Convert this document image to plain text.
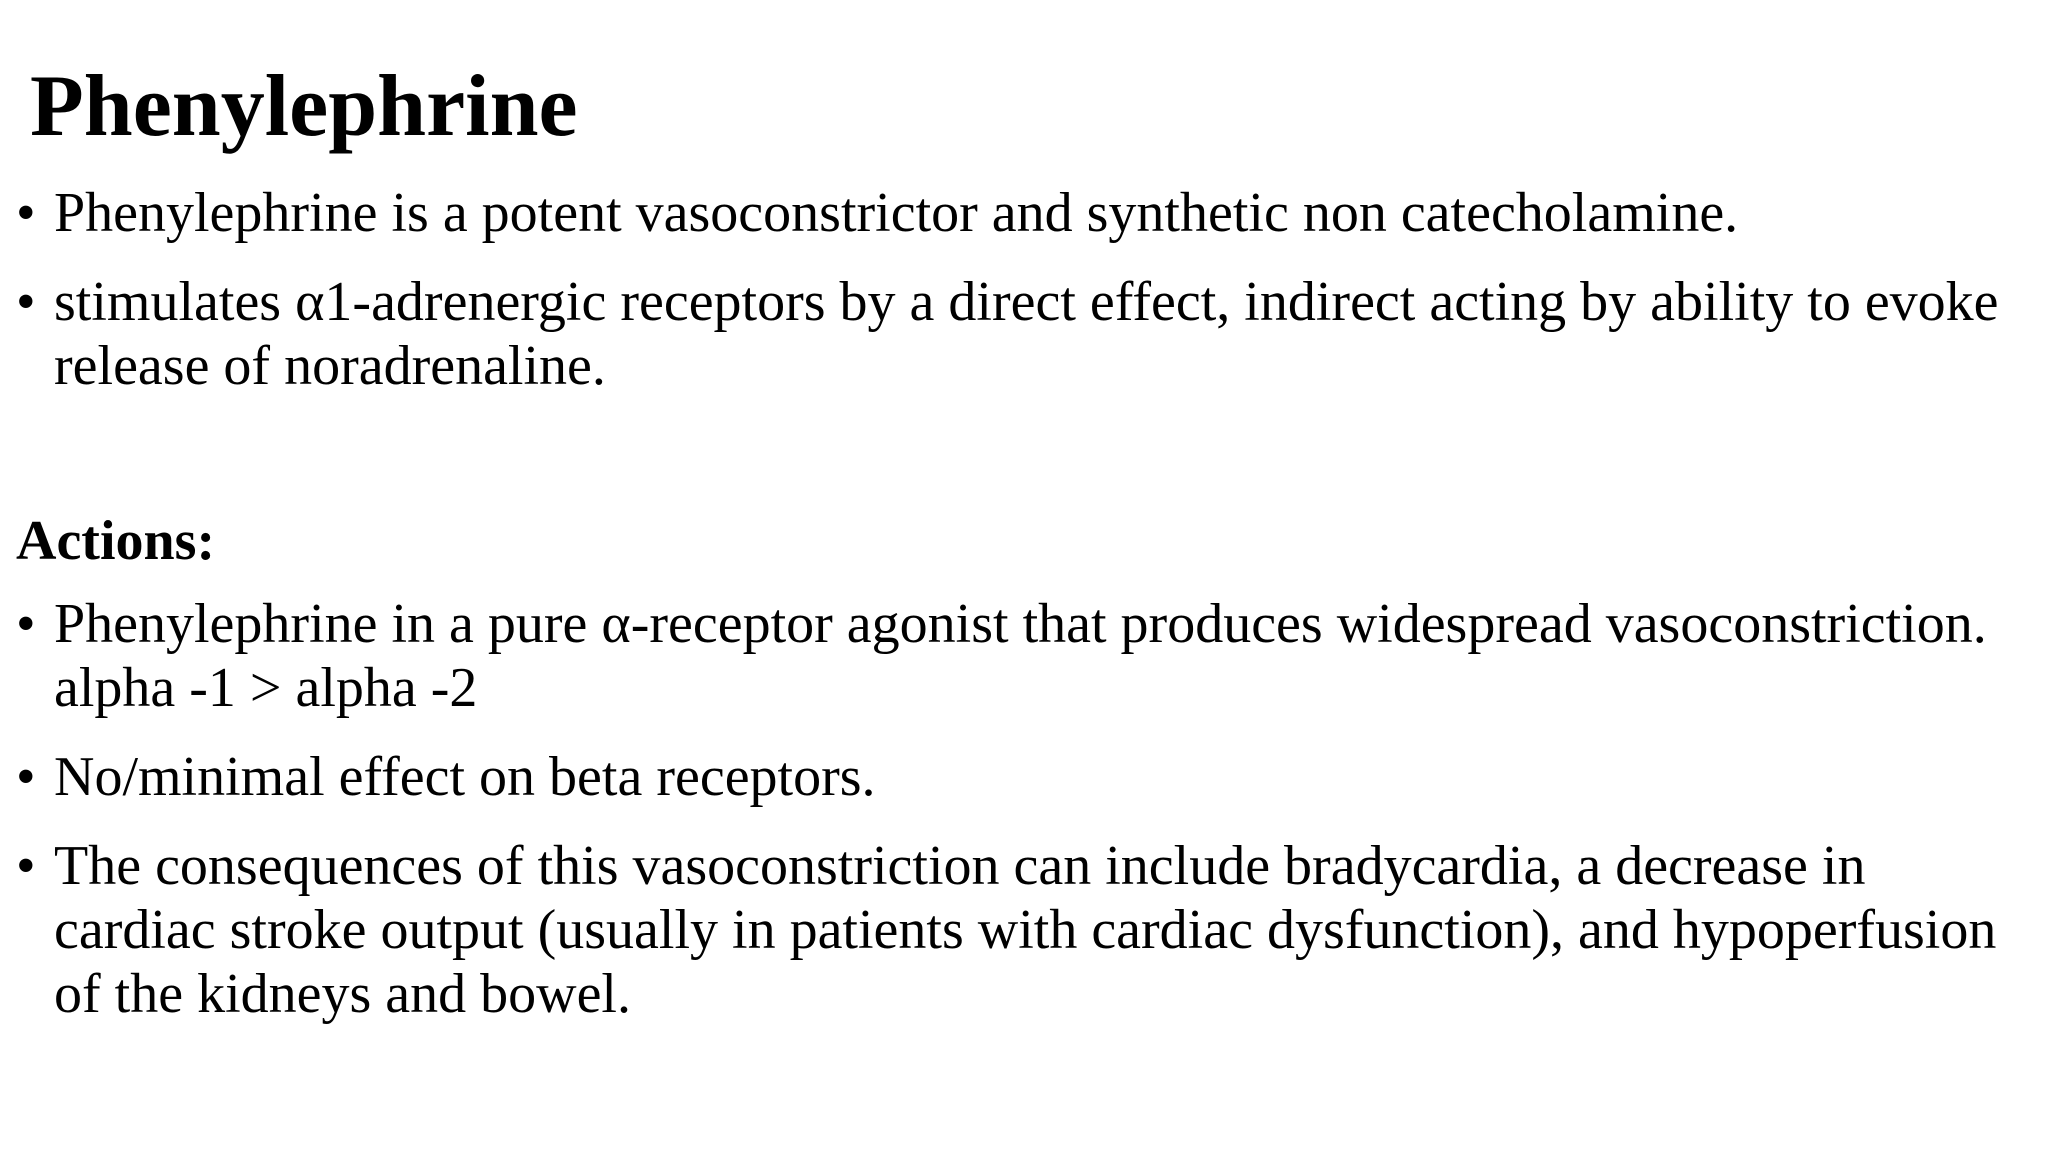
Phenylephrine
• Phenylephrine is a potent vasoconstrictor and synthetic non catecholamine.
• stimulates α1-adrenergic receptors by a direct effect, indirect acting by ability to evoke release of noradrenaline.
Actions:
• Phenylephrine in a pure α-receptor agonist that produces widespread vasoconstriction. alpha -1 > alpha -2
• No/minimal effect on beta receptors.
• The consequences of this vasoconstriction can include bradycardia, a decrease in cardiac stroke output (usually in patients with cardiac dysfunction), and hypoperfusion of the kidneys and bowel.
